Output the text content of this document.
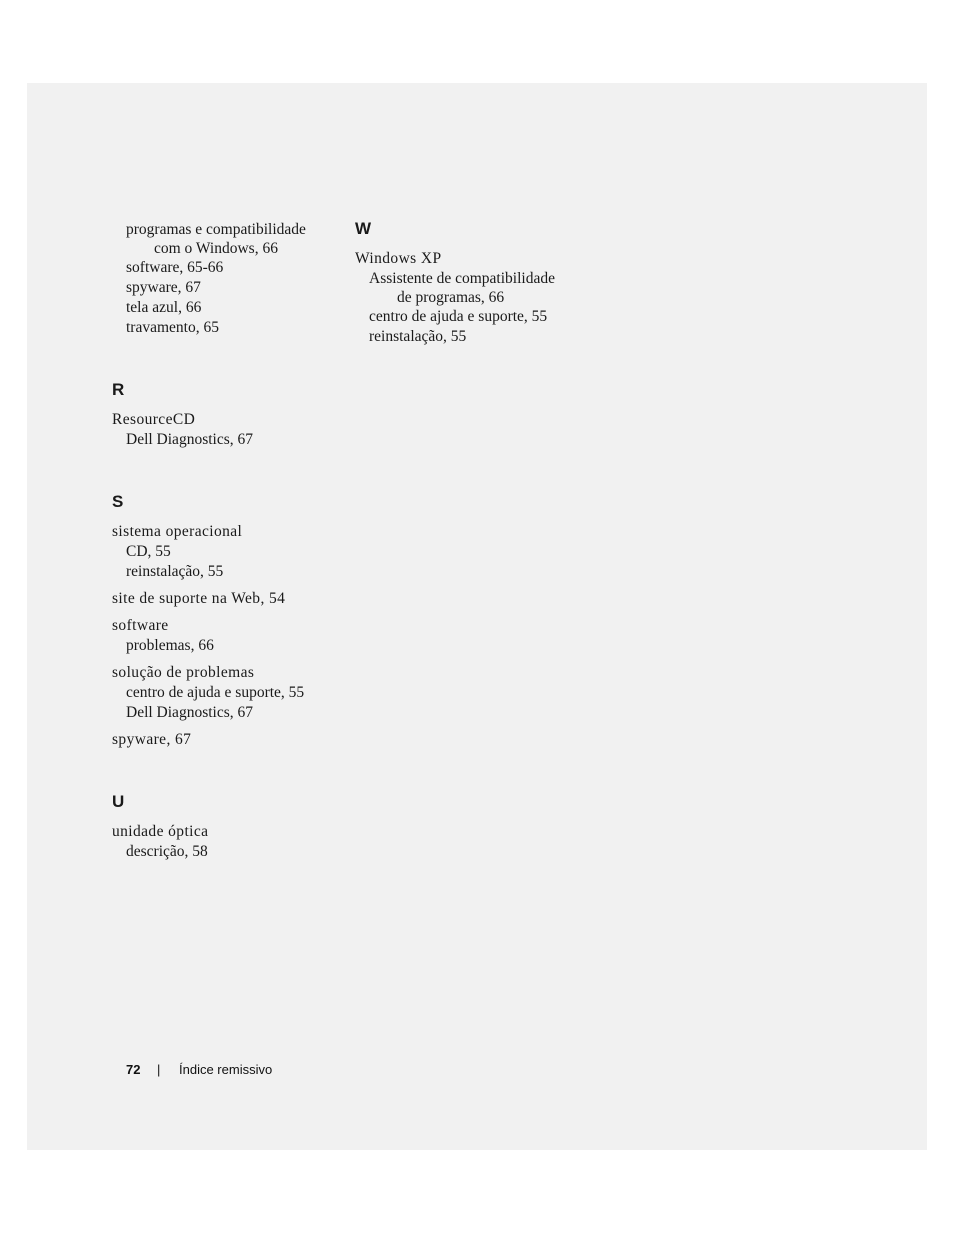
programas e compatibilidade
com o Windows, 66
software, 65-66
spyware, 67
tela azul, 66
travamento, 65
R
ResourceCD
Dell Diagnostics, 67
S
sistema operacional
CD, 55
reinstalação, 55
site de suporte na Web, 54
software
problemas, 66
solução de problemas
centro de ajuda e suporte, 55
Dell Diagnostics, 67
spyware, 67
U
unidade óptica
descrição, 58
W
Windows XP
Assistente de compatibilidade
de programas, 66
centro de ajuda e suporte, 55
reinstalação, 55
72 | Índice remissivo
